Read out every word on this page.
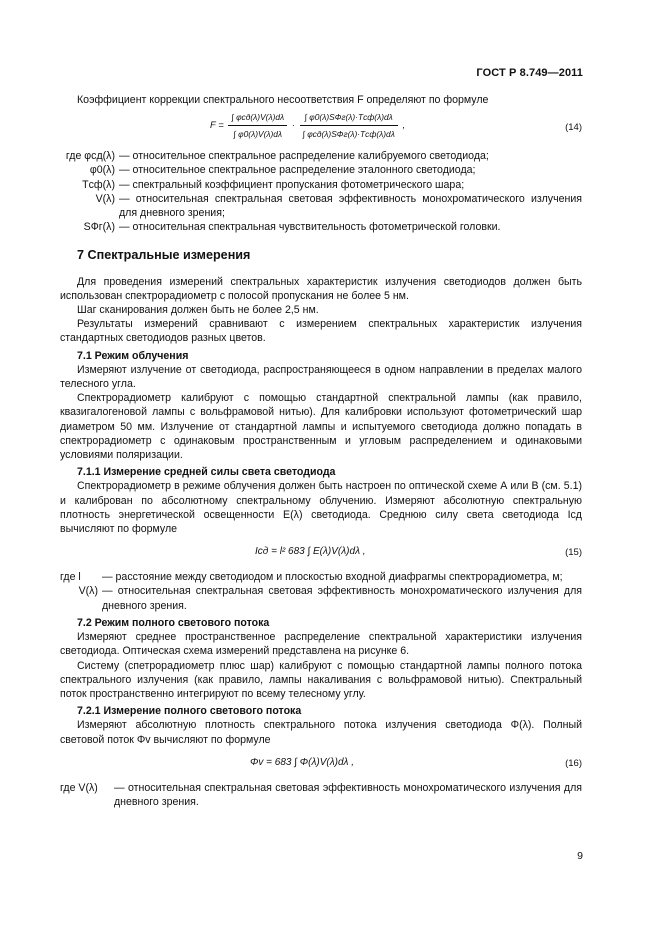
ГОСТ Р 8.749—2011

Коэффициент коррекции спектрального несоответствия F определяют по формуле

$F = \frac{\text{∫ φсд(λ)V(λ)dλ}}{\int \varphi 0(\lambda)V(\lambda)d\lambda} \cdot \frac{\text{∫ φ0(λ)SФг(λ)·Tсф(λ)dλ}}{\text{∫ φсд(λ)SФг(λ)·Tсф(λ)dλ}}$ ,	(14)
где φсд(λ) — относительное спектральное распределение калибруемого светодиода;
φ0(λ) — относительное спектральное распределение эталонного светодиода;
Tсф(λ) — спектральный коэффициент пропускания фотометрического шара;
V(λ) — относительная спектральная световая эффективность монохроматического излучения для дневного зрения;
SФг(λ) — относительная спектральная чувствительность фотометрической головки.
7 Спектральные измерения

Для проведения измерений спектральных характеристик излучения светодиодов должен быть использован спектрорадиометр с полосой пропускания не более 5 нм.

Шаг сканирования должен быть не более 2,5 нм.

Результаты измерений сравнивают с измерением спектральных характеристик излучения стандартных светодиодов разных цветов.

7.1 Режим облучения

Измеряют излучение от светодиода, распространяющееся в одном направлении в пределах малого телесного угла.

Спектрорадиометр калибруют с помощью стандартной спектральной лампы (как правило, квазигалогеновой лампы с вольфрамовой нитью). Для калибровки используют фотометрический шар диаметром 50 мм. Излучение от стандартной лампы и испытуемого светодиода должно попадать в спектрорадиометр с одинаковым пространственным и угловым распределением и одинаковыми условиями поляризации.

7.1.1 Измерение средней силы света светодиода

Спектрорадиометр в режиме облучения должен быть настроен по оптической схеме А или В (см. 5.1) и калиброван по абсолютному спектральному облучению. Измеряют абсолютную спектральную плотность энергетической освещенности E(λ) светодиода. Среднюю силу света светодиода Iсд вычисляют по формуле

Iсд = l² 683 ∫ E(λ)V(λ)dλ ,	(15)
где l	— расстояние между светодиодом и плоскостью входной диафрагмы спектрорадиометра, м;
V(λ) — относительная спектральная световая эффективность монохроматического излучения для дневного зрения.
7.2 Режим полного светового потока

Измеряют среднее пространственное распределение спектральной характеристики излучения светодиода. Оптическая схема измерений представлена на рисунке 6.

Систему (спетрорадиометр плюс шар) калибруют с помощью стандартной лампы полного потока спектрального излучения (как правило, лампы накаливания с вольфрамовой нитью). Спектральный поток пространственно интегрируют по всему телесному углу.

7.2.1 Измерение полного светового потока

Измеряют абсолютную плотность спектрального потока излучения светодиода Φ(λ). Полный световой поток Φv вычисляют по формуле

Φv = 683 ∫ Φ(λ)V(λ)dλ ,	(16)
где V(λ)	— относительная спектральная световая эффективность монохроматического излучения для дневного зрения.
9
